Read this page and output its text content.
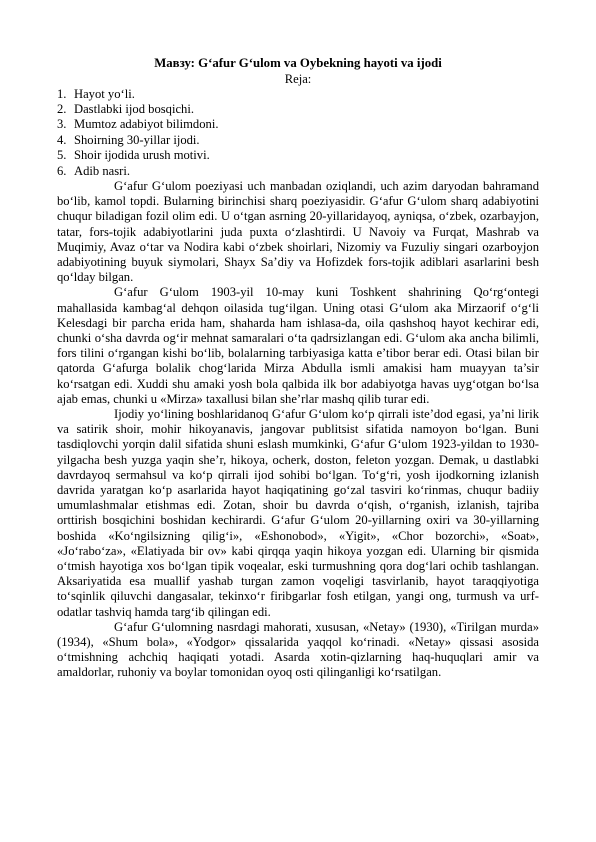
Мавзу: G‘afur G‘ulom va Oybekning hayoti va ijodi

Reja:

1. Hayot yo‘li.
2. Dastlabki ijod bosqichi.
3. Mumtoz adabiyot bilimdoni.
4. Shoirning 30-yillar ijodi.
5. Shoir ijodida urush motivi.
6. Adib nasri.

G‘afur G‘ulom poeziyasi uch manbadan oziqlandi, uch azim daryodan bahramand bo‘lib, kamol topdi. Bularning birinchisi sharq poeziyasidir. G‘afur G‘ulom sharq adabiyotini chuqur biladigan fozil olim edi. U o‘tgan asrning 20-yillaridayoq, ayniqsa, o‘zbek, ozarbayjon, tatar, fors-tojik adabiyotlarini juda puxta o‘zlashtirdi. U Navoiy va Furqat, Mashrab va Muqimiy, Avaz o‘tar va Nodira kabi o‘zbek shoirlari, Nizomiy va Fuzuliy singari ozarboyjon adabiyotining buyuk siymolari, Shayx Sa’diy va Hofizdek fors-tojik adiblari asarlarini besh qo‘lday bilgan.

G‘afur G‘ulom 1903-yil 10-may kuni Toshkent shahrining Qo‘rg‘ontegi mahallasida kambag‘al dehqon oilasida tug‘ilgan. Uning otasi G‘ulom aka Mirzaorif o‘g‘li Kelesdagi bir parcha erida ham, shaharda ham ishlasa-da, oila qashshoq hayot kechirar edi, chunki o‘sha davrda og‘ir mehnat samaralari o‘ta qadrsizlangan edi. G‘ulom aka ancha bilimli, fors tilini o‘rgangan kishi bo‘lib, bolalarning tarbiyasiga katta e’tibor berar edi. Otasi bilan bir qatorda G‘afurga bolalik chog‘larida Mirza Abdulla ismli amakisi ham muayyan ta’sir ko‘rsatgan edi. Xuddi shu amaki yosh bola qalbida ilk bor adabiyotga havas uyg‘otgan bo‘lsa ajab emas, chunki u «Mirza» taxallusi bilan she’rlar mashq qilib turar edi.

Ijodiy yo‘lining boshlaridanoq G‘afur G‘ulom ko‘p qirrali iste’dod egasi, ya’ni lirik va satirik shoir, mohir hikoyanavis, jangovar publitsist sifatida namoyon bo‘lgan. Buni tasdiqlovchi yorqin dalil sifatida shuni eslash mumkinki, G‘afur G‘ulom 1923-yildan to 1930-yilgacha besh yuzga yaqin she’r, hikoya, ocherk, doston, feleton yozgan. Demak, u dastlabki davrdayoq sermahsul va ko‘p qirrali ijod sohibi bo‘lgan. To‘g‘ri, yosh ijodkorning izlanish davrida yaratgan ko‘p asarlarida hayot haqiqatining go‘zal tasviri ko‘rinmas, chuqur badiiy umumlashmalar etishmas edi. Zotan, shoir bu davrda o‘qish, o‘rganish, izlanish, tajriba orttirish bosqichini boshidan kechirardi. G‘afur G‘ulom 20-yillarning oxiri va 30-yillarning boshida «Ko‘ngilsizning qilig‘i», «Eshonobod», «Yigit», «Chor bozorchi», «Soat», «Jo‘rabo‘za», «Elatiyada bir ov» kabi qirqqa yaqin hikoya yozgan edi. Ularning bir qismida o‘tmish hayotiga xos bo‘lgan tipik voqealar, eski turmushning qora dog‘lari ochib tashlangan. Aksariyatida esa muallif yashab turgan zamon voqeligi tasvirlanib, hayot taraqqiyotiga to‘sqinlik qiluvchi dangasalar, tekinxo‘r firibgarlar fosh etilgan, yangi ong, turmush va urf-odatlar tashviq hamda targ‘ib qilingan edi.

G‘afur G‘ulomning nasrdagi mahorati, xususan, «Netay» (1930), «Tirilgan murda» (1934), «Shum bola», «Yodgor» qissalarida yaqqol ko‘rinadi. «Netay» qissasi asosida o‘tmishning achchiq haqiqati yotadi. Asarda xotin-qizlarning haq-huquqlari amir va amaldorlar, ruhoniy va boylar tomonidan oyoq osti qilinganligi ko‘rsatilgan.
